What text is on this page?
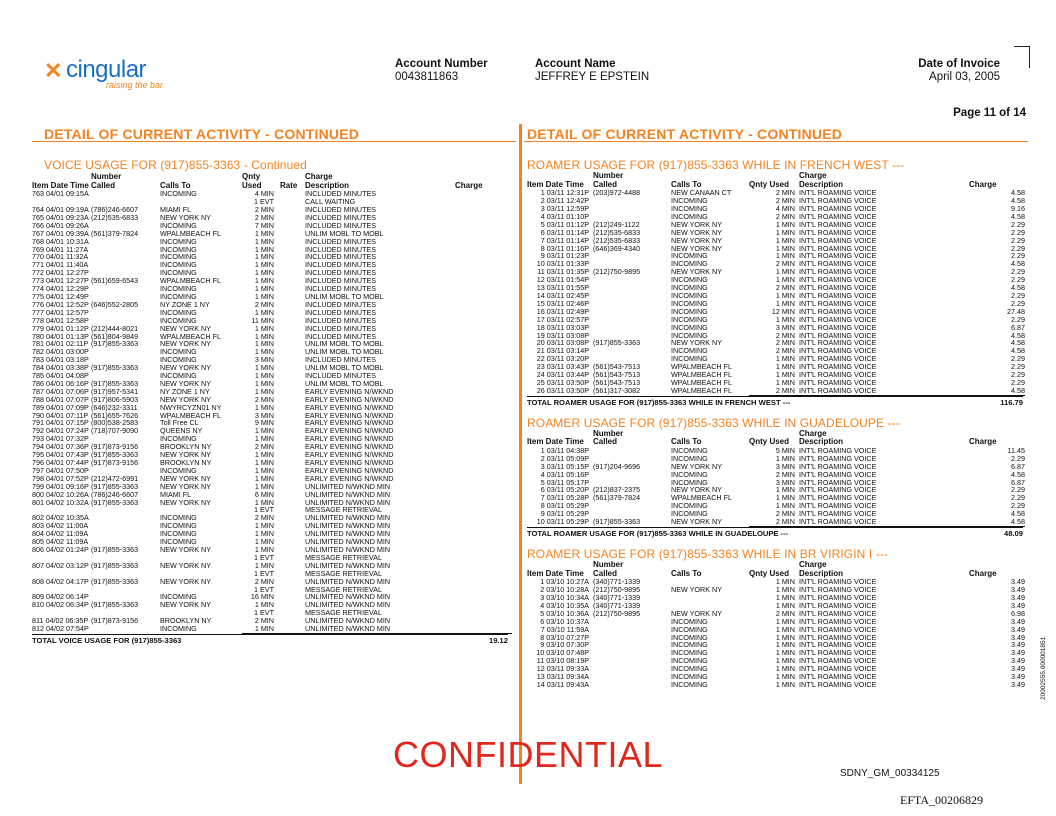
✕ cingular
raising the bar
Account Number
0043811863
Account Name
JEFFREY E EPSTEIN
Date of Invoice
April 03, 2005
Page 11 of 14
DETAIL OF CURRENT ACTIVITY - CONTINUED	DETAIL OF CURRENT ACTIVITY - CONTINUED
VOICE USAGE FOR (917)855-3363 - Continued
	Number		Qnty		Charge	
Item Date Time	Called	Calls To	Used	Rate	Description	Charge
763 04/01 09:15A		INCOMING	4 MIN		INCLUDED MINUTES	
			1 EVT		CALL WAITING	
764 04/01 09:19A	(786)246-6607	MIAMI FL	2 MIN		INCLUDED MINUTES	
765 04/01 09:23A	(212)535-6833	NEW YORK NY	2 MIN		INCLUDED MINUTES	
766 04/01 09:26A		INCOMING	7 MIN		INCLUDED MINUTES	
767 04/01 09:39A	(561)379-7824	WPALMBEACH FL	1 MIN		UNLIM MOBL TO MOBL	
768 04/01 10:31A		INCOMING	1 MIN		INCLUDED MINUTES	
769 04/01 11:27A		INCOMING	1 MIN		INCLUDED MINUTES	
770 04/01 11:32A		INCOMING	1 MIN		INCLUDED MINUTES	
771 04/01 11:40A		INCOMING	1 MIN		INCLUDED MINUTES	
772 04/01 12:27P		INCOMING	1 MIN		INCLUDED MINUTES	
773 04/01 12:27P	(561)659-6543	WPALMBEACH FL	1 MIN		INCLUDED MINUTES	
774 04/01 12:29P		INCOMING	1 MIN		INCLUDED MINUTES	
775 04/01 12:49P		INCOMING	1 MIN		UNLIM MOBL TO MOBL	
776 04/01 12:52P	(646)552-2805	NY ZONE 1 NY	2 MIN		INCLUDED MINUTES	
777 04/01 12:57P		INCOMING	1 MIN		INCLUDED MINUTES	
778 04/01 12:58P		INCOMING	11 MIN		INCLUDED MINUTES	
779 04/01 01:12P	(212)444-8021	NEW YORK NY	1 MIN		INCLUDED MINUTES	
780 04/01 01:13P	(561)804-9849	WPALMBEACH FL	1 MIN		INCLUDED MINUTES	
781 04/01 02:11P	(917)855-3363	NEW YORK NY	1 MIN		UNLIM MOBL TO MOBL	
782 04/01 03:00P		INCOMING	1 MIN		UNLIM MOBL TO MOBL	
783 04/01 03:18P		INCOMING	3 MIN		INCLUDED MINUTES	
784 04/01 03:38P	(917)855-3363	NEW YORK NY	1 MIN		UNLIM MOBL TO MOBL	
785 04/01 04:08P		INCOMING	1 MIN		INCLUDED MINUTES	
786 04/01 06:16P	(917)855-3363	NEW YORK NY	1 MIN		UNLIM MOBL TO MOBL	
787 04/01 07:06P	(917)957-5341	NY ZONE 1 NY	1 MIN		EARLY EVENING N/WKND	
788 04/01 07:07P	(917)806-5903	NEW YORK NY	2 MIN		EARLY EVENING N/WKND	
789 04/01 07:09P	(646)232-3311	NWYRCYZN01 NY	1 MIN		EARLY EVENING N/WKND	
790 04/01 07:11P	(561)655-7626	WPALMBEACH FL	3 MIN		EARLY EVENING N/WKND	
791 04/01 07:15P	(800)538-2583	Toll Free CL	9 MIN		EARLY EVENING N/WKND	
792 04/01 07:24P	(718)707-9090	QUEENS NY	1 MIN		EARLY EVENING N/WKND	
793 04/01 07:32P		INCOMING	1 MIN		EARLY EVENING N/WKND	
794 04/01 07:36P	(917)873-9156	BROOKLYN NY	2 MIN		EARLY EVENING N/WKND	
795 04/01 07:43P	(917)855-3363	NEW YORK NY	1 MIN		EARLY EVENING N/WKND	
796 04/01 07:44P	(917)873-9156	BROOKLYN NY	1 MIN		EARLY EVENING N/WKND	
797 04/01 07:50P		INCOMING	1 MIN		EARLY EVENING N/WKND	
798 04/01 07:52P	(212)472-6991	NEW YORK NY	1 MIN		EARLY EVENING N/WKND	
799 04/01 09:16P	(917)855-3363	NEW YORK NY	1 MIN		UNLIMITED N/WKND MIN	
800 04/02 10:26A	(786)246-6607	MIAMI FL	6 MIN		UNLIMITED N/WKND MIN	
801 04/02 10:32A	(917)855-3363	NEW YORK NY	1 MIN		UNLIMITED N/WKND MIN	
			1 EVT		MESSAGE RETRIEVAL	
802 04/02 10:35A		INCOMING	2 MIN		UNLIMITED N/WKND MIN	
803 04/02 11:00A		INCOMING	1 MIN		UNLIMITED N/WKND MIN	
804 04/02 11:09A		INCOMING	1 MIN		UNLIMITED N/WKND MIN	
805 04/02 11:09A		INCOMING	1 MIN		UNLIMITED N/WKND MIN	
806 04/02 01:24P	(917)855-3363	NEW YORK NY	1 MIN		UNLIMITED N/WKND MIN	
			1 EVT		MESSAGE RETRIEVAL	
807 04/02 03:12P	(917)855-3363	NEW YORK NY	1 MIN		UNLIMITED N/WKND MIN	
			1 EVT		MESSAGE RETRIEVAL	
808 04/02 04:17P	(917)855-3363	NEW YORK NY	2 MIN		UNLIMITED N/WKND MIN	
			1 EVT		MESSAGE RETRIEVAL	
809 04/02 06:14P		INCOMING	16 MIN		UNLIMITED N/WKND MIN	
810 04/02 06:34P	(917)855-3363	NEW YORK NY	1 MIN		UNLIMITED N/WKND MIN	
			1 EVT		MESSAGE RETRIEVAL	
811 04/02 06:35P	(917)873-9156	BROOKLYN NY	2 MIN		UNLIMITED N/WKND MIN	
812 04/02 07:54P		INCOMING	1 MIN		UNLIMITED N/WKND MIN	
TOTAL VOICE USAGE FOR (917)855-3363	19.12
ROAMER USAGE FOR (917)855-3363 WHILE IN FRENCH WEST ---
	Number				Charge	
Item Date Time	Called	Calls To	Qnty Used		Description	Charge
1 03/11 12:31P	(203)972-4488	NEW CANAAN CT	2 MIN		INT'L ROAMING VOICE	4.58
2 03/11 12:42P		INCOMING	2 MIN		INT'L ROAMING VOICE	4.58
3 03/11 12:59P		INCOMING	4 MIN		INT'L ROAMING VOICE	9.16
4 03/11 01:10P		INCOMING	2 MIN		INT'L ROAMING VOICE	4.58
5 03/11 01:12P	(212)249-1122	NEW YORK NY	1 MIN		INT'L ROAMING VOICE	2.29
6 03/11 01:14P	(212)535-6833	NEW YORK NY	1 MIN		INT'L ROAMING VOICE	2.29
7 03/11 01:14P	(212)535-6833	NEW YORK NY	1 MIN		INT'L ROAMING VOICE	2.29
8 03/11 01:16P	(646)369-4340	NEW YORK NY	1 MIN		INT'L ROAMING VOICE	2.29
9 03/11 01:23P		INCOMING	1 MIN		INT'L ROAMING VOICE	2.29
10 03/11 01:33P		INCOMING	2 MIN		INT'L ROAMING VOICE	4.58
11 03/11 01:35P	(212)750-9895	NEW YORK NY	1 MIN		INT'L ROAMING VOICE	2.29
12 03/11 01:54P		INCOMING	1 MIN		INT'L ROAMING VOICE	2.29
13 03/11 01:55P		INCOMING	2 MIN		INT'L ROAMING VOICE	4.58
14 03/11 02:45P		INCOMING	1 MIN		INT'L ROAMING VOICE	2.29
15 03/11 02:46P		INCOMING	1 MIN		INT'L ROAMING VOICE	2.29
16 03/11 02:49P		INCOMING	12 MIN		INT'L ROAMING VOICE	27.48
17 03/11 02:57P		INCOMING	1 MIN		INT'L ROAMING VOICE	2.29
18 03/11 03:03P		INCOMING	3 MIN		INT'L ROAMING VOICE	6.87
19 03/11 03:08P		INCOMING	2 MIN		INT'L ROAMING VOICE	4.58
20 03/11 03:08P	(917)855-3363	NEW YORK NY	2 MIN		INT'L ROAMING VOICE	4.58
21 03/11 03:14P		INCOMING	2 MIN		INT'L ROAMING VOICE	4.58
22 03/11 03:20P		INCOMING	1 MIN		INT'L ROAMING VOICE	2.29
23 03/11 03:43P	(561)543-7513	WPALMBEACH FL	1 MIN		INT'L ROAMING VOICE	2.29
24 03/11 03:44P	(561)543-7513	WPALMBEACH FL	1 MIN		INT'L ROAMING VOICE	2.29
25 03/11 03:50P	(561)543-7513	WPALMBEACH FL	1 MIN		INT'L ROAMING VOICE	2.29
26 03/11 03:50P	(561)317-3082	WPALMBEACH FL	2 MIN		INT'L ROAMING VOICE	4.58
TOTAL ROAMER USAGE FOR (917)855-3363 WHILE IN FRENCH WEST ---	116.79
ROAMER USAGE FOR (917)855-3363 WHILE IN GUADELOUPE ---
	Number				Charge	
Item Date Time	Called	Calls To	Qnty Used		Description	Charge
1 03/11 04:38P		INCOMING	5 MIN		INT'L ROAMING VOICE	11.45
2 03/11 05:09P		INCOMING	1 MIN		INT'L ROAMING VOICE	2.29
3 03/11 05:15P	(917)204-9696	NEW YORK NY	3 MIN		INT'L ROAMING VOICE	6.87
4 03/11 05:16P		INCOMING	2 MIN		INT'L ROAMING VOICE	4.58
5 03/11 05:17P		INCOMING	3 MIN		INT'L ROAMING VOICE	6.87
6 03/11 05:20P	(212)837-2375	NEW YORK NY	1 MIN		INT'L ROAMING VOICE	2.29
7 03/11 05:28P	(561)379-7824	WPALMBEACH FL	1 MIN		INT'L ROAMING VOICE	2.29
8 03/11 05:29P		INCOMING	1 MIN		INT'L ROAMING VOICE	2.29
9 03/11 05:29P		INCOMING	2 MIN		INT'L ROAMING VOICE	4.58
10 03/11 05:29P	(917)855-3363	NEW YORK NY	2 MIN		INT'L ROAMING VOICE	4.58
TOTAL ROAMER USAGE FOR (917)855-3363 WHILE IN GUADELOUPE ---	48.09
ROAMER USAGE FOR (917)855-3363 WHILE IN BR VIRIGIN I ---
	Number				Charge	
Item Date Time	Called	Calls To	Qnty Used		Description	Charge
1 03/10 10:27A	(340)771-1339		1 MIN		INT'L ROAMING VOICE	3.49
2 03/10 10:28A	(212)750-9895	NEW YORK NY	1 MIN		INT'L ROAMING VOICE	3.49
3 03/10 10:34A	(340)771-1339		1 MIN		INT'L ROAMING VOICE	3.49
4 03/10 10:35A	(340)771-1339		1 MIN		INT'L ROAMING VOICE	3.49
5 03/10 10:36A	(212)750-9895	NEW YORK NY	2 MIN		INT'L ROAMING VOICE	6.98
6 03/10 10:37A		INCOMING	1 MIN		INT'L ROAMING VOICE	3.49
7 03/10 11:59A		INCOMING	1 MIN		INT'L ROAMING VOICE	3.49
8 03/10 07:27P		INCOMING	1 MIN		INT'L ROAMING VOICE	3.49
9 03/10 07:30P		INCOMING	1 MIN		INT'L ROAMING VOICE	3.49
10 03/10 07:48P		INCOMING	1 MIN		INT'L ROAMING VOICE	3.49
11 03/10 08:19P		INCOMING	1 MIN		INT'L ROAMING VOICE	3.49
12 03/11 09:33A		INCOMING	1 MIN		INT'L ROAMING VOICE	3.49
13 03/11 09:34A		INCOMING	1 MIN		INT'L ROAMING VOICE	3.49
14 03/11 09:43A		INCOMING	1 MIN		INT'L ROAMING VOICE	3.49
CONFIDENTIAL	SDNY_GM_00334125
EFTA_00206829
20002555.000001851
